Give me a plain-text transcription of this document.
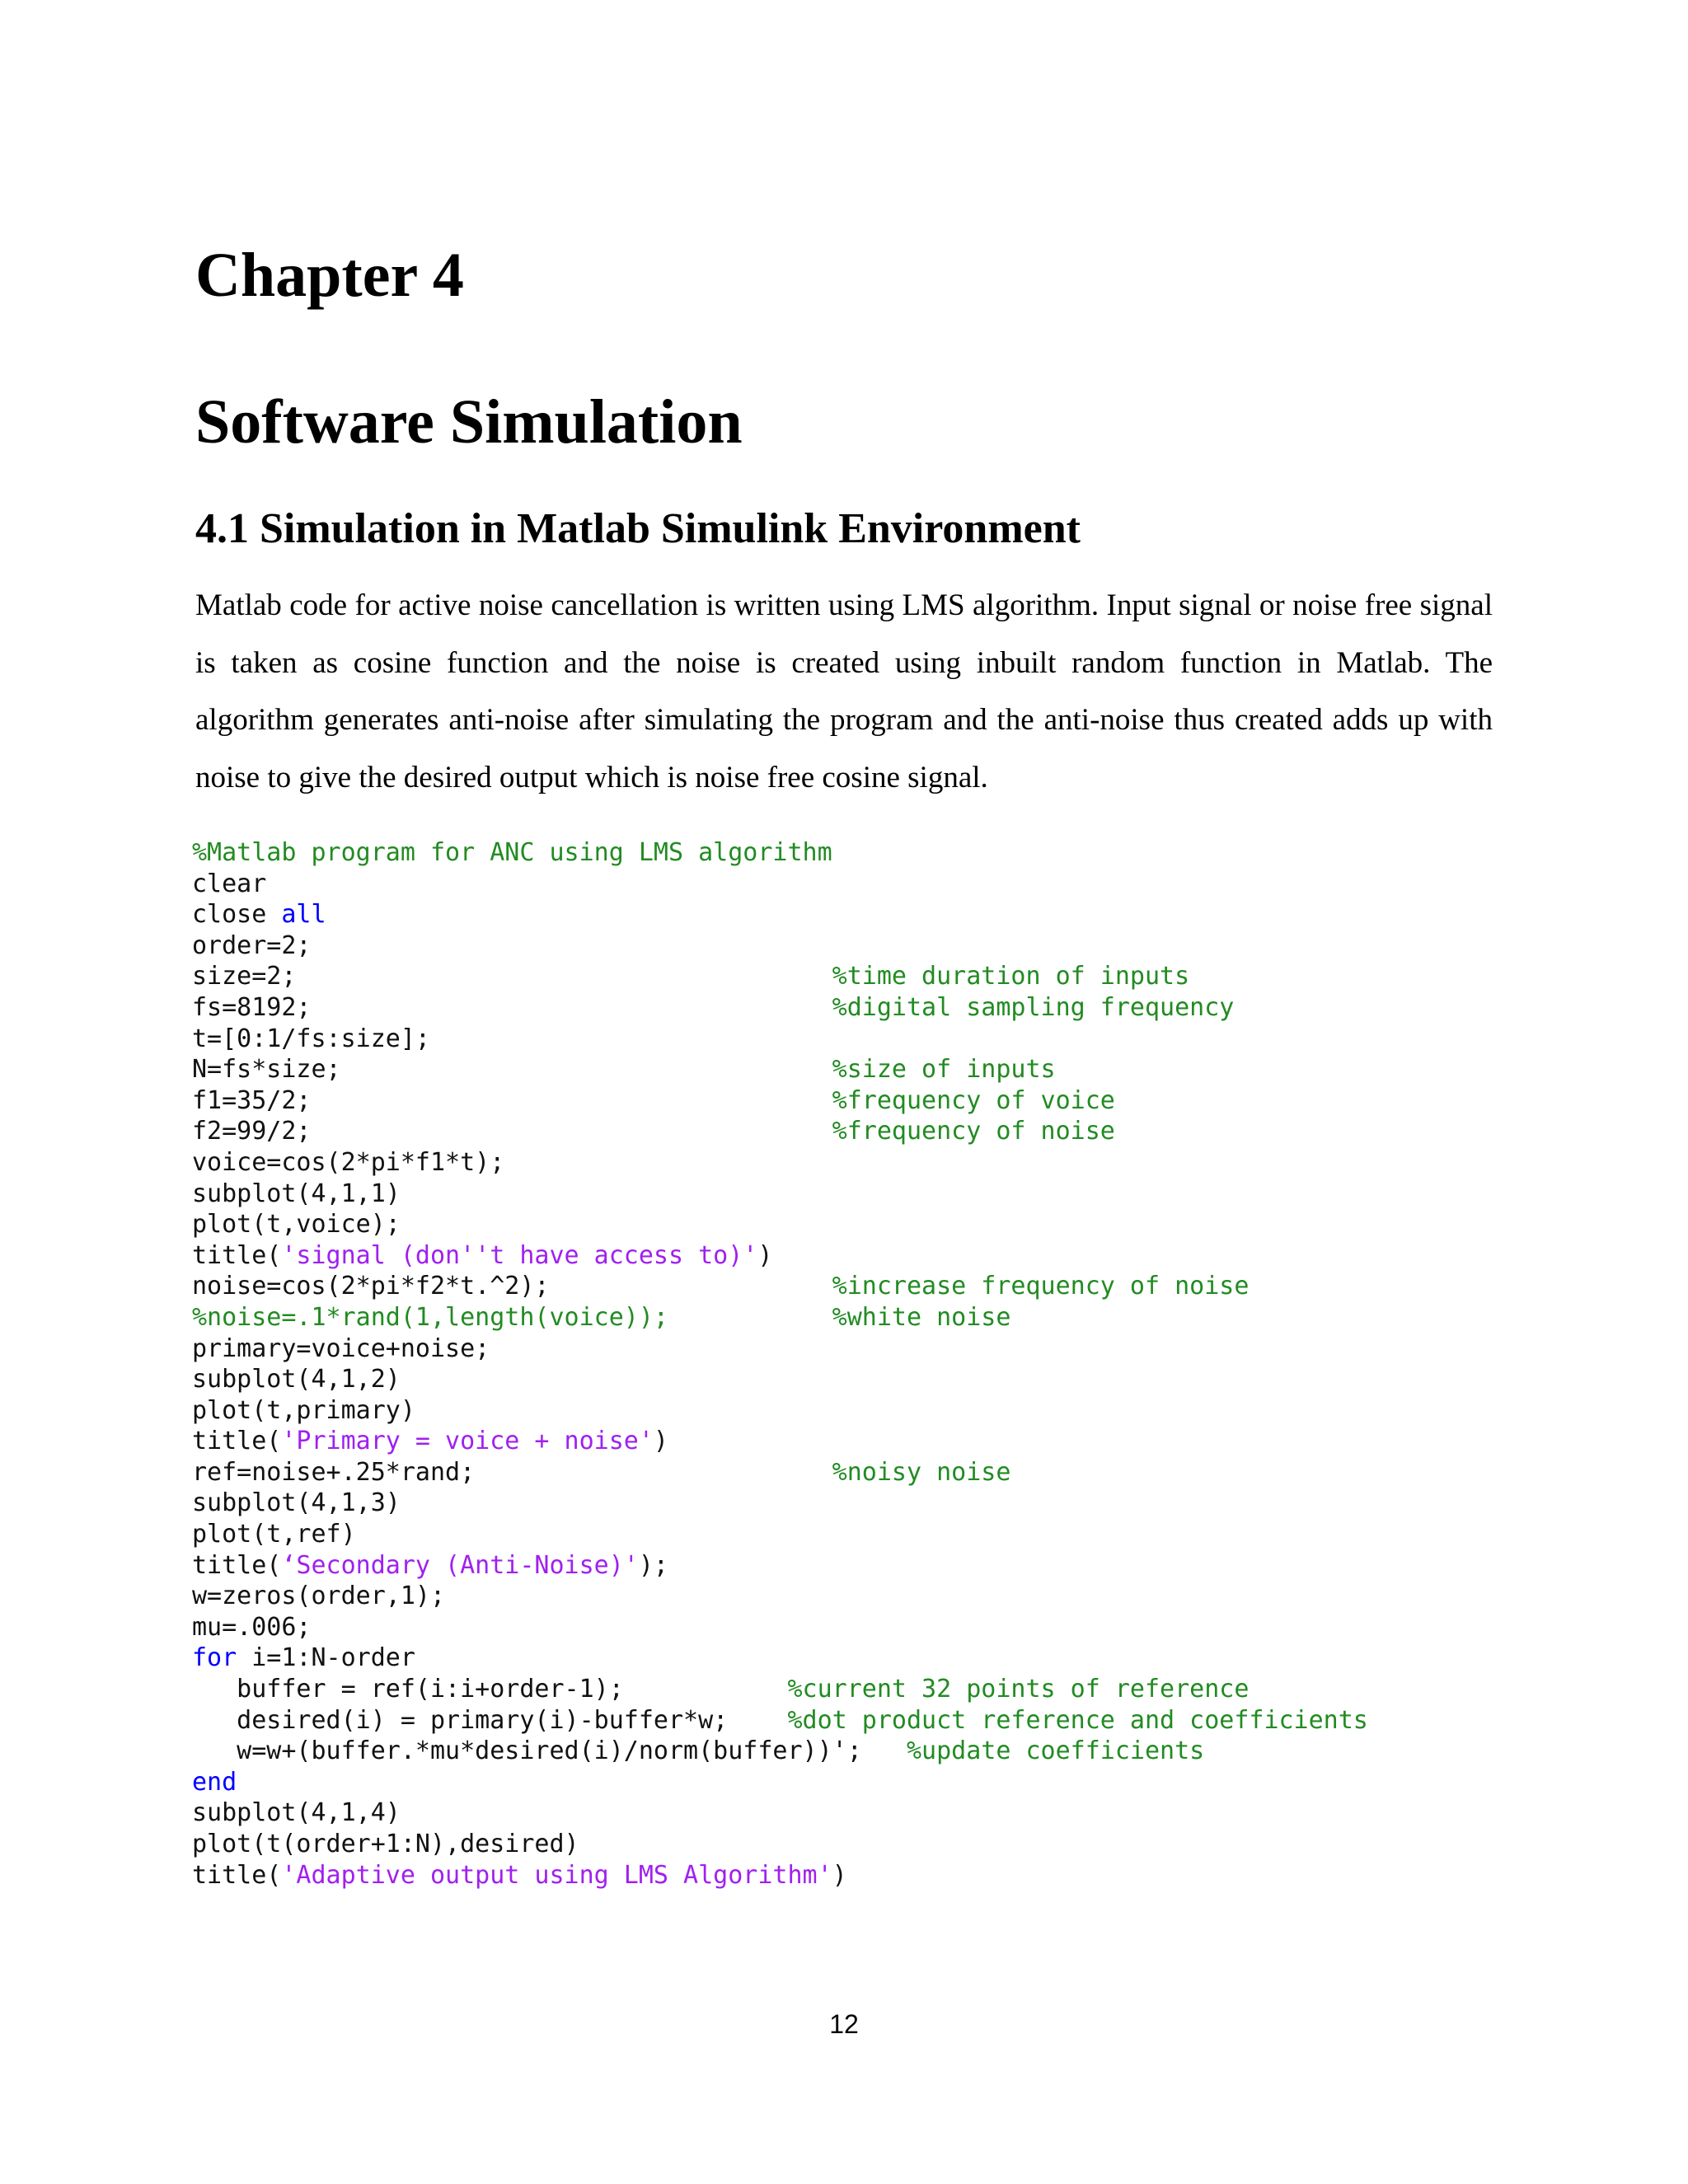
Chapter 4
Software Simulation
4.1 Simulation in Matlab Simulink Environment

Matlab code for active noise cancellation is written using LMS algorithm. Input signal or noise free signal is taken as cosine function and the noise is created using inbuilt random function in Matlab. The algorithm generates anti-noise after simulating the program and the anti-noise thus created adds up with noise to give the desired output which is noise free cosine signal.

%Matlab program for ANC using LMS algorithm
clear
close all
order=2;
size=2;	%time duration of inputs
fs=8192;	%digital sampling frequency
t=[0:1/fs:size];
N=fs*size;	%size of inputs
f1=35/2;	%frequency of voice
f2=99/2;	%frequency of noise
voice=cos(2*pi*f1*t);
subplot(4,1,1)
plot(t,voice);
title('signal (don''t have access to)')
noise=cos(2*pi*f2*t.^2);	%increase frequency of noise
%noise=.1*rand(1,length(voice));	%white noise
primary=voice+noise;
subplot(4,1,2)
plot(t,primary)
title('Primary = voice + noise')
ref=noise+.25*rand;	%noisy noise
subplot(4,1,3)
plot(t,ref)
title(‘Secondary (Anti-Noise)');
w=zeros(order,1);
mu=.006;
for i=1:N-order
buffer = ref(i:i+order-1);	%current 32 points of reference
desired(i) = primary(i)-buffer*w; %dot product reference and coefficients
w=w+(buffer.*mu*desired(i)/norm(buffer))'; %update coefficients
end
subplot(4,1,4)
plot(t(order+1:N),desired)
title('Adaptive output using LMS Algorithm')
12
